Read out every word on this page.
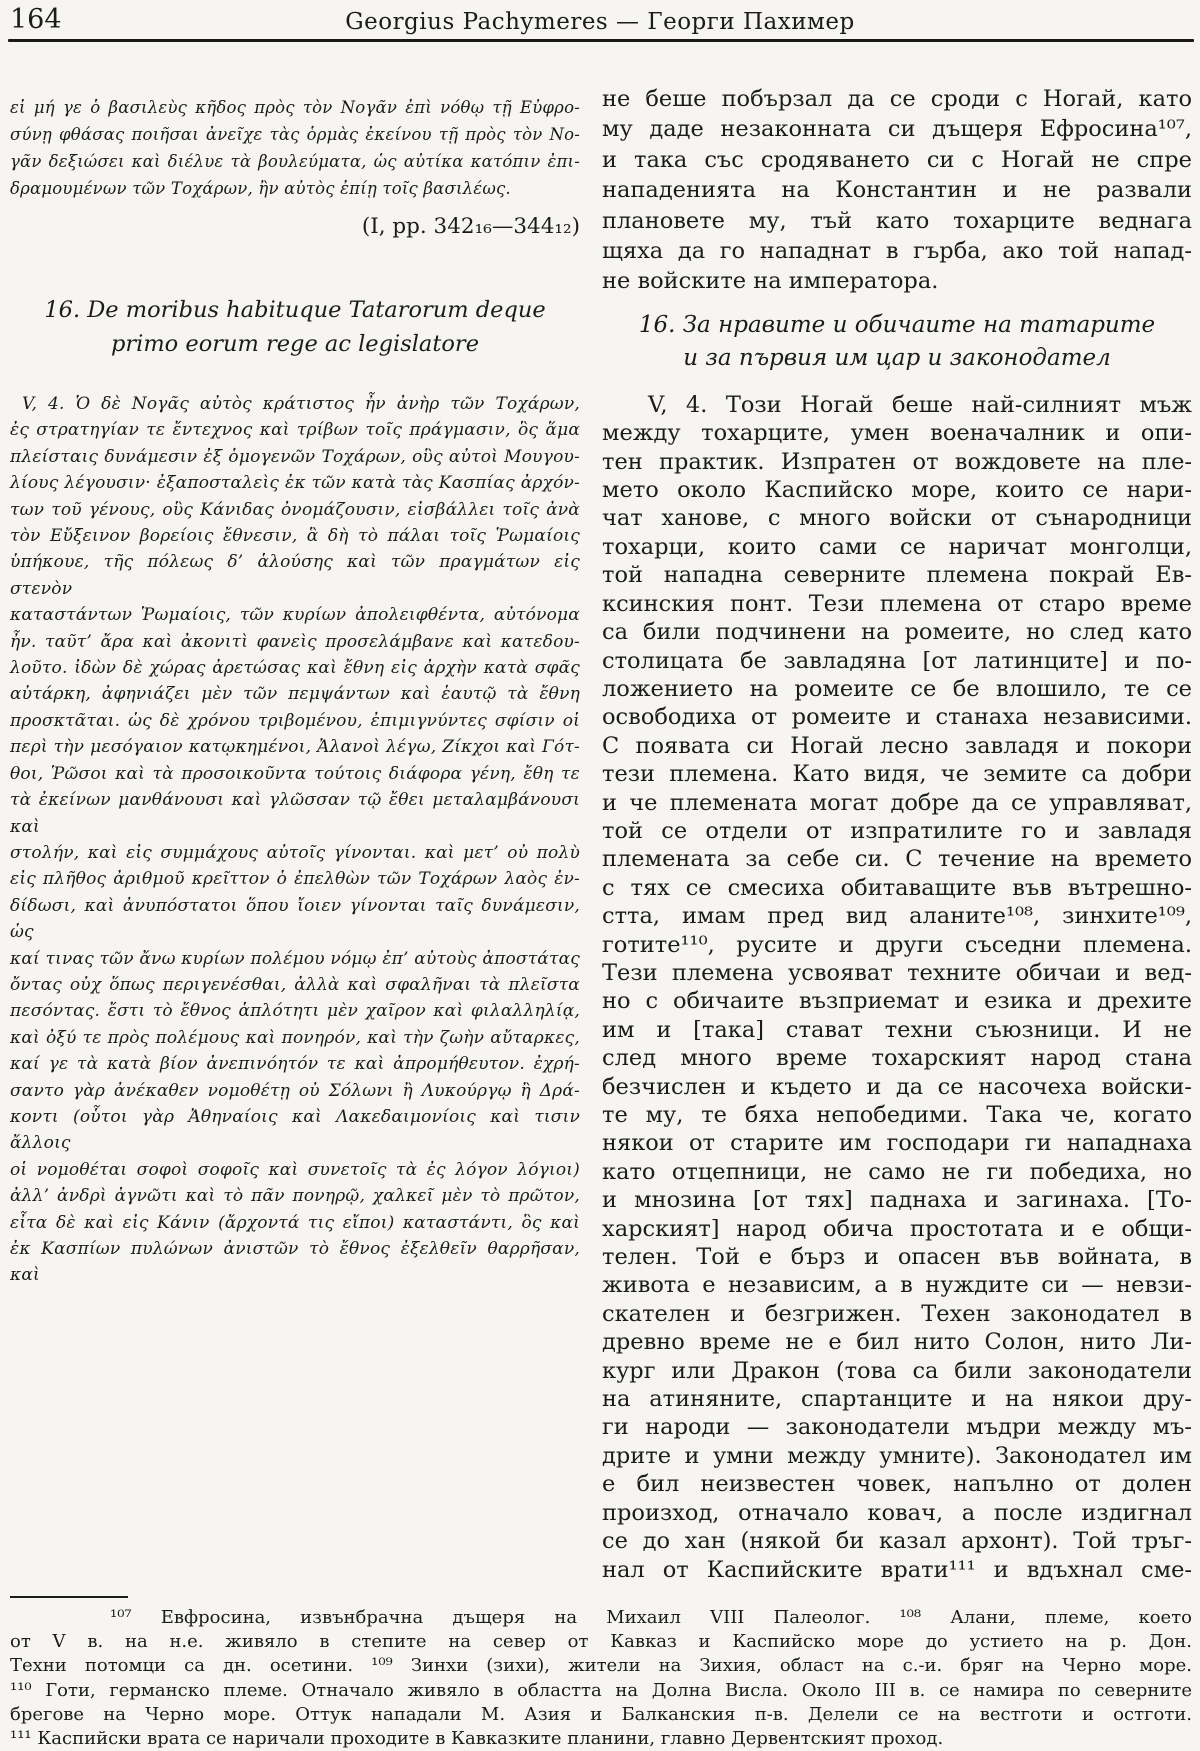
164	Georgius Pachymeres — Георги Пахимер
εἰ μή γε ὁ βασιλεὺς κῆδος πρὸς τὸν Νογᾶν ἐπὶ νόθῳ τῇ Εὐφρο-
σύνῃ φθάσας ποιῆσαι ἀνεῖχε τὰς ὁρμὰς ἐκείνου τῇ πρὸς τὸν Νο-
γᾶν δεξιώσει καὶ διέλυε τὰ βουλεύματα, ὡς αὐτίκα κατόπιν ἐπι-
δραμουμένων τῶν Τοχάρων, ἢν αὐτὸς ἐπίῃ τοῖς βασιλέως.
(I, pp. 342₁₆—344₁₂)
16. De moribus habituque Tatarorum deque
primo eorum rege ac legislatore
V, 4. Ὁ δὲ Νογᾶς αὐτὸς κράτιστος ἦν ἀνὴρ τῶν Τοχάρων,
ἐς στρατηγίαν τε ἔντεχνος καὶ τρίβων τοῖς πράγμασιν, ὃς ἅμα
πλείσταις δυνάμεσιν ἐξ ὁμογενῶν Τοχάρων, οὓς αὐτοὶ Μουγου-
λίους λέγουσιν· ἐξαποσταλεὶς ἐκ τῶν κατὰ τὰς Κασπίας ἀρχόν-
των τοῦ γένους, οὓς Κάνιδας ὀνομάζουσιν, εἰσβάλλει τοῖς ἀνὰ
τὸν Εὔξεινον βορείοις ἔθνεσιν, ἃ δὴ τὸ πάλαι τοῖς Ῥωμαίοις
ὑπήκουε, τῆς πόλεως δ’ ἁλούσης καὶ τῶν πραγμάτων εἰς στενὸν
καταστάντων Ῥωμαίοις, τῶν κυρίων ἀπολειφθέντα, αὐτόνομα
ἦν. ταῦτ’ ἄρα καὶ ἀκονιτὶ φανεὶς προσελάμβανε καὶ κατεδου-
λοῦτο. ἰδὼν δὲ χώρας ἀρετώσας καὶ ἔθνη εἰς ἀρχὴν κατὰ σφᾶς
αὐτάρκη, ἀφηνιάζει μὲν τῶν πεμψάντων καὶ ἑαυτῷ τὰ ἔθνη
προσκτᾶται. ὡς δὲ χρόνου τριβομένου, ἐπιμιγνύντες σφίσιν οἱ
περὶ τὴν μεσόγαιον κατῳκημένοι, Ἀλανοὶ λέγω, Ζίκχοι καὶ Γότ-
θοι, Ῥῶσοι καὶ τὰ προσοικοῦντα τούτοις διάφορα γένη, ἔθη τε
τὰ ἐκείνων μανθάνουσι καὶ γλῶσσαν τῷ ἔθει μεταλαμβάνουσι καὶ
στολήν, καὶ εἰς συμμάχους αὐτοῖς γίνονται. καὶ μετ’ οὐ πολὺ
εἰς πλῆθος ἀριθμοῦ κρεῖττον ὁ ἐπελθὼν τῶν Τοχάρων λαὸς ἐν-
δίδωσι, καὶ ἀνυπόστατοι ὅπου ἴοιεν γίνονται ταῖς δυνάμεσιν, ὡς
καί τινας τῶν ἄνω κυρίων πολέμου νόμῳ ἐπ’ αὐτοὺς ἀποστάτας
ὄντας οὐχ ὅπως περιγενέσθαι, ἀλλὰ καὶ σφαλῆναι τὰ πλεῖστα
πεσόντας. ἔστι τὸ ἔθνος ἁπλότητι μὲν χαῖρον καὶ φιλαλληλίᾳ,
καὶ ὀξύ τε πρὸς πολέμους καὶ πονηρόν, καὶ τὴν ζωὴν αὔταρκες,
καί γε τὰ κατὰ βίον ἀνεπινόητόν τε καὶ ἀπρομήθευτον. ἐχρή-
σαντο γὰρ ἀνέκαθεν νομοθέτῃ οὐ Σόλωνι ἢ Λυκούργῳ ἢ Δρά-
κοντι (οὗτοι γὰρ Ἀθηναίοις καὶ Λακεδαιμονίοις καὶ τισιν ἄλλοις
οἱ νομοθέται σοφοὶ σοφοῖς καὶ συνετοῖς τὰ ἐς λόγον λόγιοι)
ἀλλ’ ἀνδρὶ ἀγνῶτι καὶ τὸ πᾶν πονηρῷ, χαλκεῖ μὲν τὸ πρῶτον,
εἶτα δὲ καὶ εἰς Κάνιν (ἄρχοντά τις εἴποι) καταστάντι, ὃς καὶ
ἐκ Κασπίων πυλώνων ἀνιστῶν τὸ ἔθνος ἐξελθεῖν θαρρῆσαν, καὶ
не беше побързал да се сроди с Ногай, като
му даде незаконната си дъщеря Ефросина¹⁰⁷,
и така със сродяването си с Ногай не спре
нападенията на Константин и не развали
плановете му, тъй като тохарците веднага
щяха да го нападнат в гърба, ако той напад-
не войските на императора.
16. За нравите и обичаите на татарите
и за първия им цар и законодател
V, 4. Този Ногай беше най-силният мъж
между тохарците, умен военачалник и опи-
тен практик. Изпратен от вождовете на пле-
мето около Каспийско море, които се нари-
чат ханове, с много войски от сънародници
тохарци, които сами се наричат монголци,
той нападна северните племена покрай Ев-
ксинския понт. Тези племена от старо време
са били подчинени на ромеите, но след като
столицата бе завладяна [от латинците] и по-
ложението на ромеите се бе влошило, те се
освободиха от ромеите и станаха независими.
С появата си Ногай лесно завладя и покори
тези племена. Като видя, че земите са добри
и че племената могат добре да се управляват,
той се отдели от изпратилите го и завладя
племената за себе си. С течение на времето
с тях се смесиха обитаващите във вътрешно-
стта, имам пред вид аланите¹⁰⁸, зинхите¹⁰⁹,
готите¹¹⁰, русите и други съседни племена.
Тези племена усвояват техните обичаи и вед-
но с обичаите възприемат и езика и дрехите
им и [така] стават техни съюзници. И не
след много време тохарският народ стана
безчислен и където и да се насочеха войски-
те му, те бяха непобедими. Така че, когато
някои от старите им господари ги нападнаха
като отцепници, не само не ги победиха, но
и мнозина [от тях] паднаха и загинаха. [То-
харският] народ обича простотата и е общи-
телен. Той е бърз и опасен във войната, в
живота е независим, а в нуждите си — невзи-
скателен и безгрижен. Техен законодател в
древно време не е бил нито Солон, нито Ли-
кург или Дракон (това са били законодатели
на атиняните, спартанците и на някои дру-
ги народи — законодатели мъдри между мъ-
дрите и умни между умните). Законодател им
е бил неизвестен човек, напълно от долен
произход, отначало ковач, а после издигнал
се до хан (някой би казал архонт). Той тръг-
нал от Каспийските врати¹¹¹ и вдъхнал сме-
¹⁰⁷ Евфросина, извънбрачна дъщеря на Михаил VIII Палеолог. ¹⁰⁸ Алани, племе, което
от V в. на н.е. живяло в степите на север от Кавказ и Каспийско море до устието на р. Дон.
Техни потомци са дн. осетини. ¹⁰⁹ Зинхи (зихи), жители на Зихия, област на с.-и. бряг на Черно море.
¹¹⁰ Готи, германско племе. Отначало живяло в областта на Долна Висла. Около III в. се намира по северните
брегове на Черно море. Оттук нападали М. Азия и Балканския п-в. Делели се на вестготи и остготи.
¹¹¹ Каспийски врата се наричали проходите в Кавказките планини, главно Дервентският проход.
